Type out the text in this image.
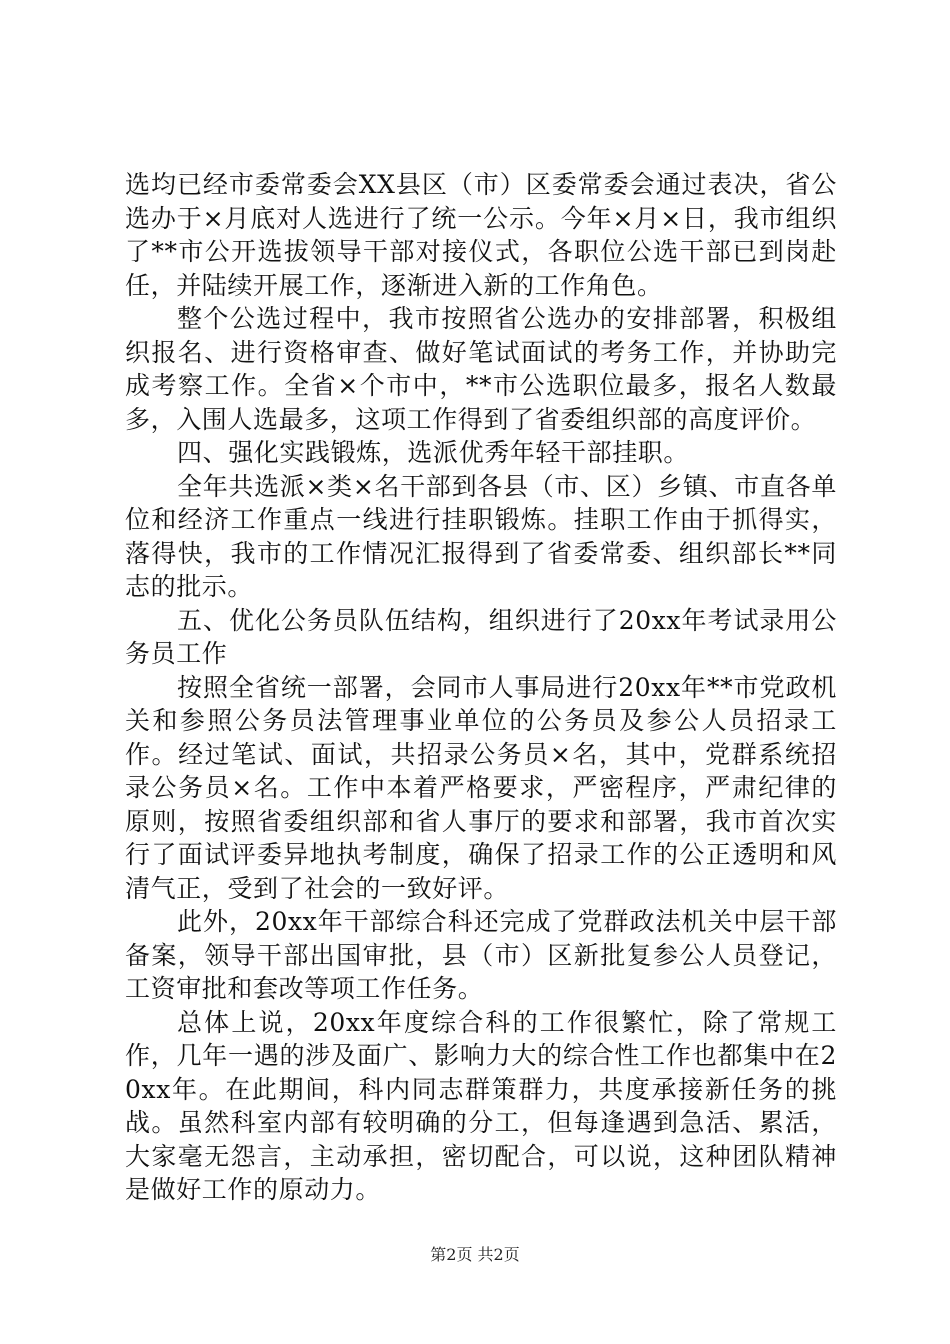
选均已经市委常委会XX县区（市）区委常委会通过表决，省公选办于×月底对人选进行了统一公示。今年×月×日，我市组织了**市公开选拔领导干部对接仪式，各职位公选干部已到岗赴任，并陆续开展工作，逐渐进入新的工作角色。

整个公选过程中，我市按照省公选办的安排部署，积极组织报名、进行资格审查、做好笔试面试的考务工作，并协助完成考察工作。全省×个市中，**市公选职位最多，报名人数最多，入围人选最多，这项工作得到了省委组织部的高度评价。

四、强化实践锻炼，选派优秀年轻干部挂职。

全年共选派×类×名干部到各县（市、区）乡镇、市直各单位和经济工作重点一线进行挂职锻炼。挂职工作由于抓得实，落得快，我市的工作情况汇报得到了省委常委、组织部长**同志的批示。

五、优化公务员队伍结构，组织进行了20xx年考试录用公务员工作

按照全省统一部署，会同市人事局进行20xx年**市党政机关和参照公务员法管理事业单位的公务员及参公人员招录工作。经过笔试、面试，共招录公务员×名，其中，党群系统招录公务员×名。工作中本着严格要求，严密程序，严肃纪律的原则，按照省委组织部和省人事厅的要求和部署，我市首次实行了面试评委异地执考制度，确保了招录工作的公正透明和风清气正，受到了社会的一致好评。

此外，20xx年干部综合科还完成了党群政法机关中层干部备案，领导干部出国审批，县（市）区新批复参公人员登记，工资审批和套改等项工作任务。

总体上说，20xx年度综合科的工作很繁忙，除了常规工作，几年一遇的涉及面广、影响力大的综合性工作也都集中在20xx年。在此期间，科内同志群策群力，共度承接新任务的挑战。虽然科室内部有较明确的分工，但每逢遇到急活、累活，大家毫无怨言，主动承担，密切配合，可以说，这种团队精神是做好工作的原动力。

第2页 共2页
